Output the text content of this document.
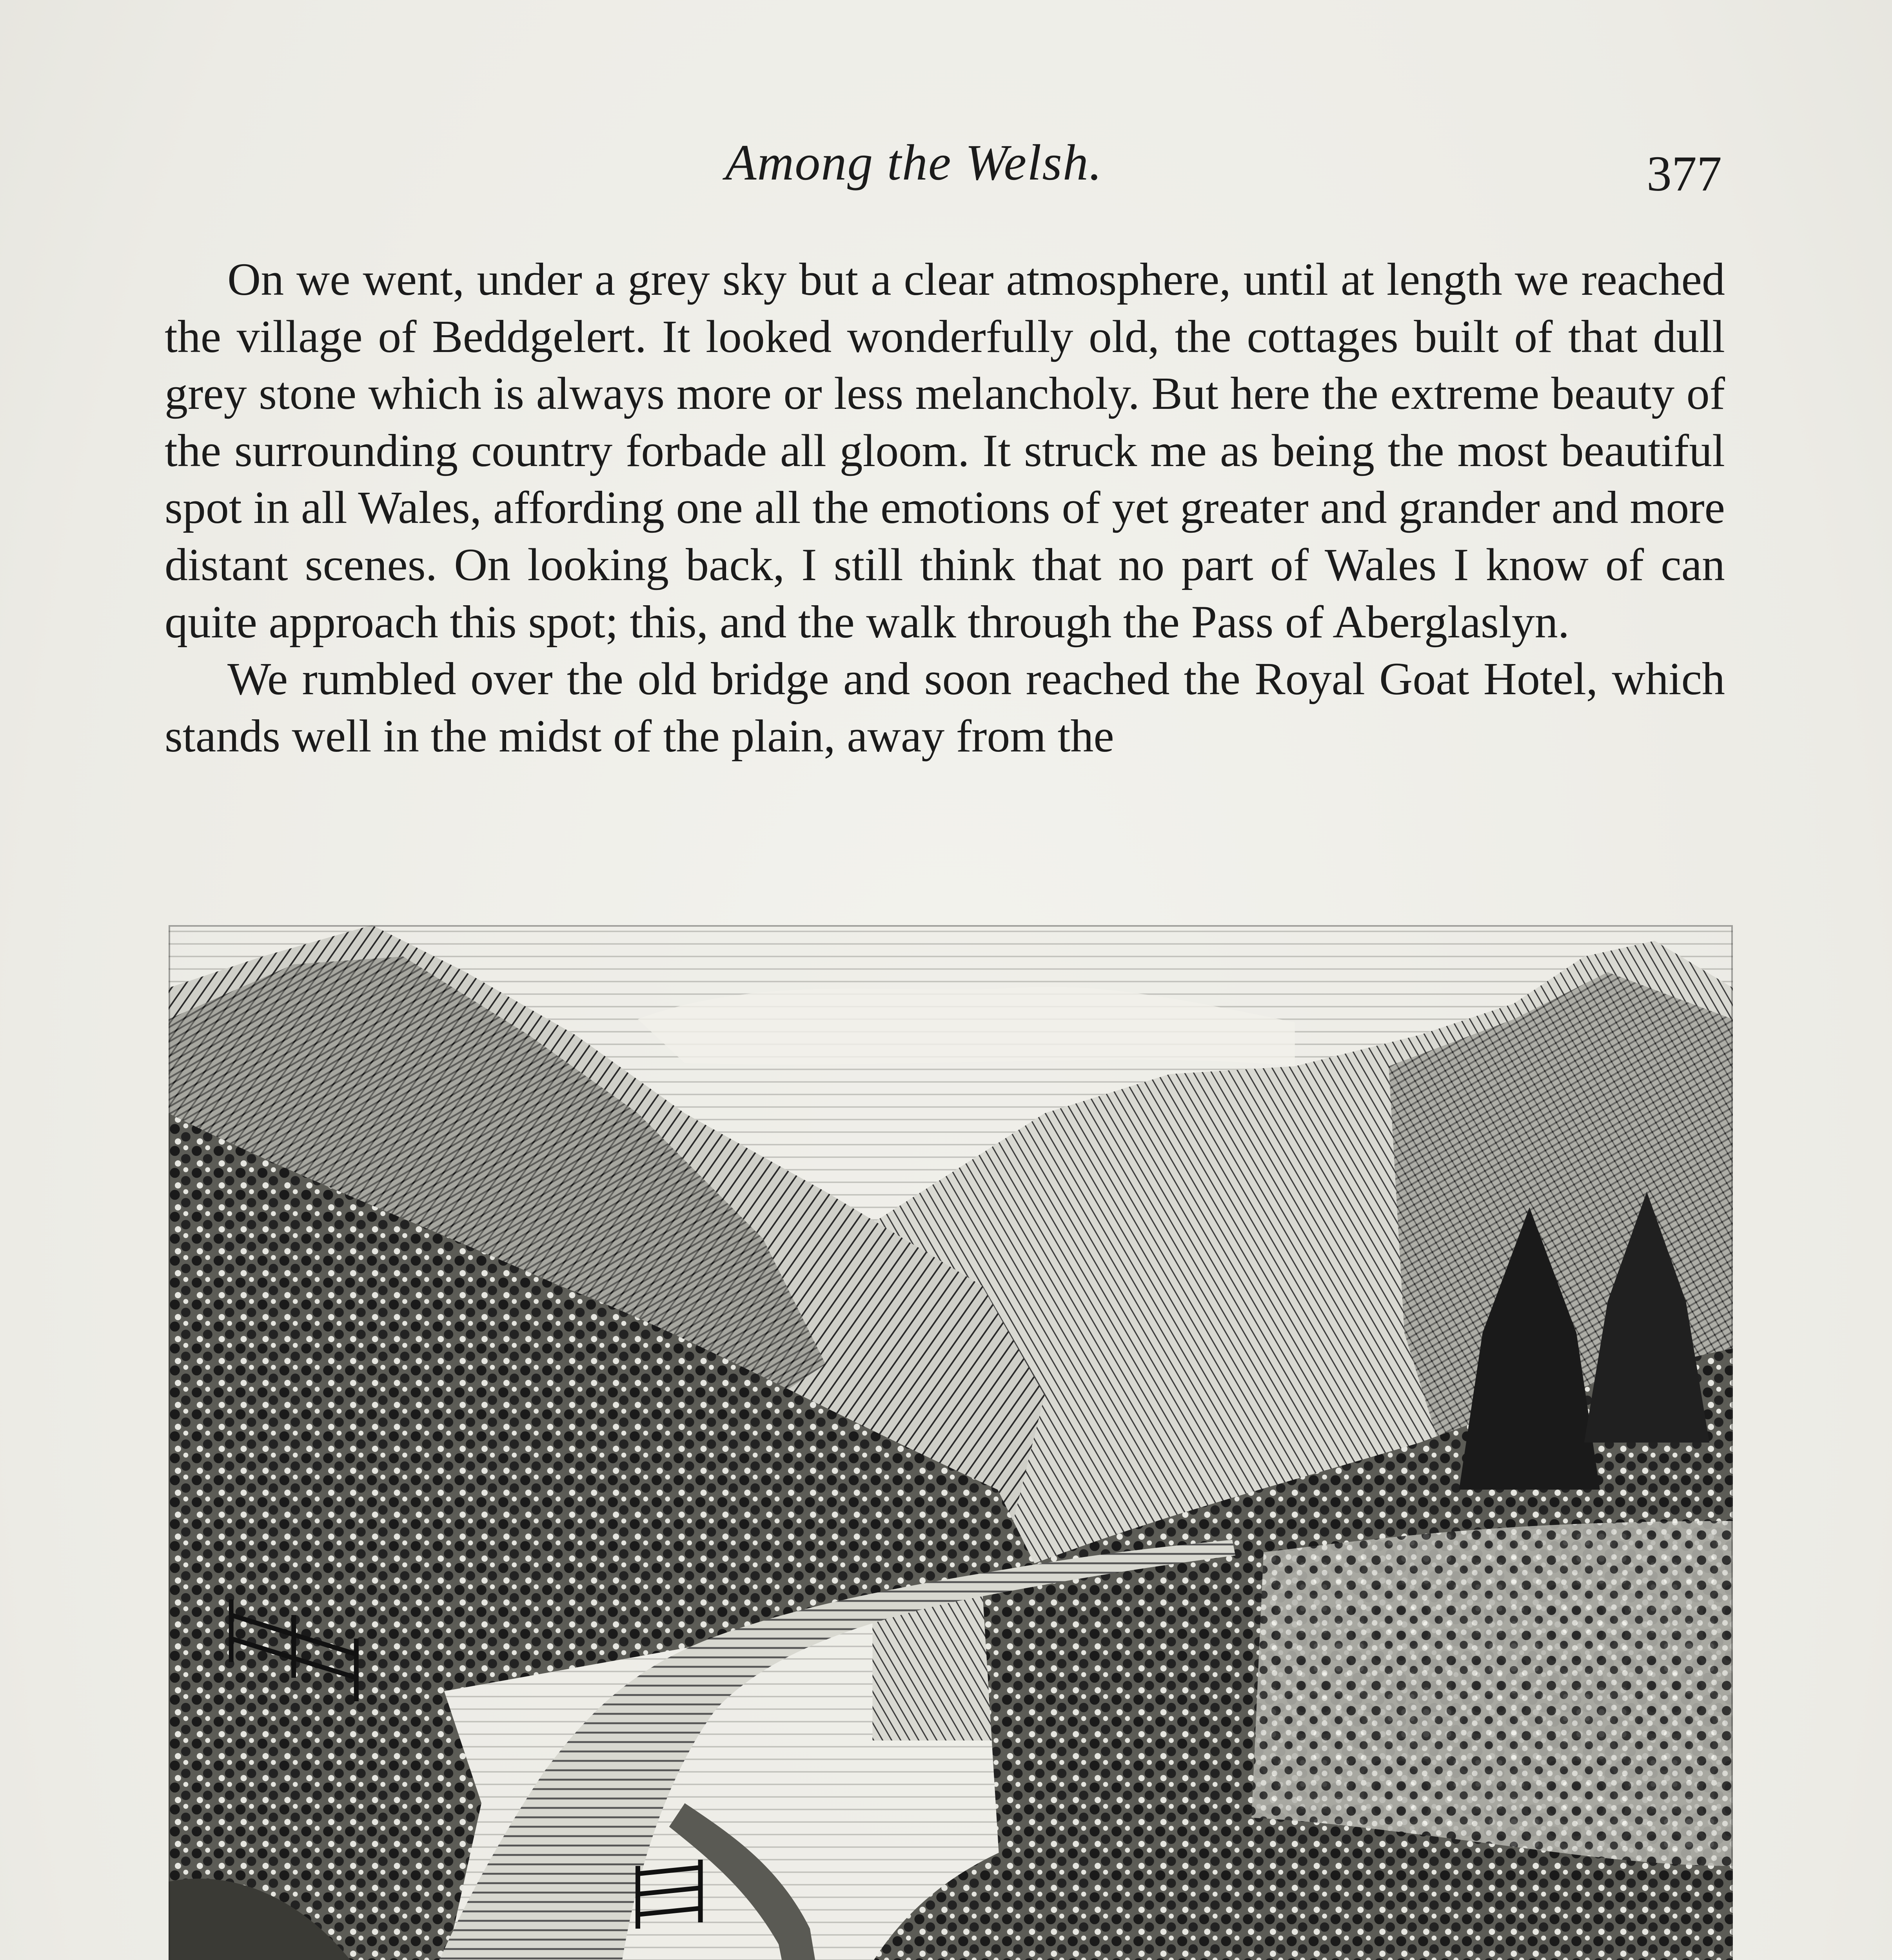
Among the Welsh.	377

On we went, under a grey sky but a clear atmosphere, until at length we reached the village of Beddgelert. It looked wonderfully old, the cottages built of that dull grey stone which is always more or less melancholy. But here the extreme beauty of the surrounding country forbade all gloom. It struck me as being the most beautiful spot in all Wales, affording one all the emotions of yet greater and grander and more distant scenes. On looking back, I still think that no part of Wales I know of can quite approach this spot; this, and the walk through the Pass of Aberglaslyn.

We rumbled over the old bridge and soon reached the Royal Goat Hotel, which stands well in the midst of the plain, away from the
